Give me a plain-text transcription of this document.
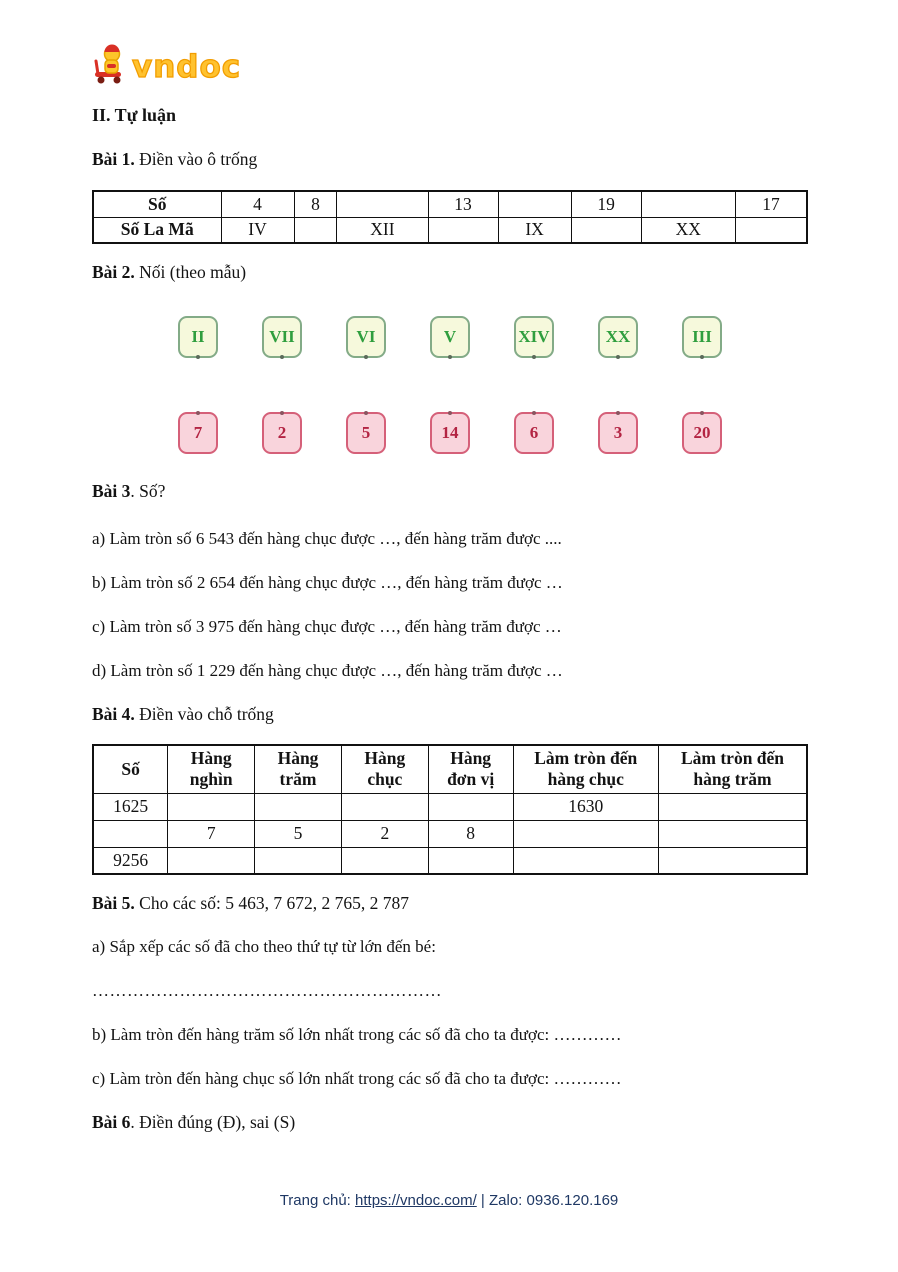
vndoc
II. Tự luận
Bài 1. Điền vào ô trống
Số	4	8		13		19		17
Số La Mã	IV		XII		IX		XX	
Bài 2. Nối (theo mẫu)
II	VII	VI	V	XIV	XX	III
7	2	5	14	6	3	20
Bài 3. Số?
a) Làm tròn số 6 543 đến hàng chục được …, đến hàng trăm được ....
b) Làm tròn số 2 654 đến hàng chục được …, đến hàng trăm được …
c) Làm tròn số 3 975 đến hàng chục được …, đến hàng trăm được …
d) Làm tròn số 1 229 đến hàng chục được …, đến hàng trăm được …
Bài 4. Điền vào chỗ trống
Số	Hàng nghìn	Hàng trăm	Hàng chục	Hàng đơn vị	Làm tròn đến hàng chục	Làm tròn đến hàng trăm
1625					1630	
	7	5	2	8		
9256						
Bài 5. Cho các số: 5 463, 7 672, 2 765, 2 787
a) Sắp xếp các số đã cho theo thứ tự từ lớn đến bé:
……………………………………………………
b) Làm tròn đến hàng trăm số lớn nhất trong các số đã cho ta được: …………
c) Làm tròn đến hàng chục số lớn nhất trong các số đã cho ta được: …………
Bài 6. Điền đúng (Đ), sai (S)
Trang chủ: https://vndoc.com/ | Zalo: 0936.120.169
